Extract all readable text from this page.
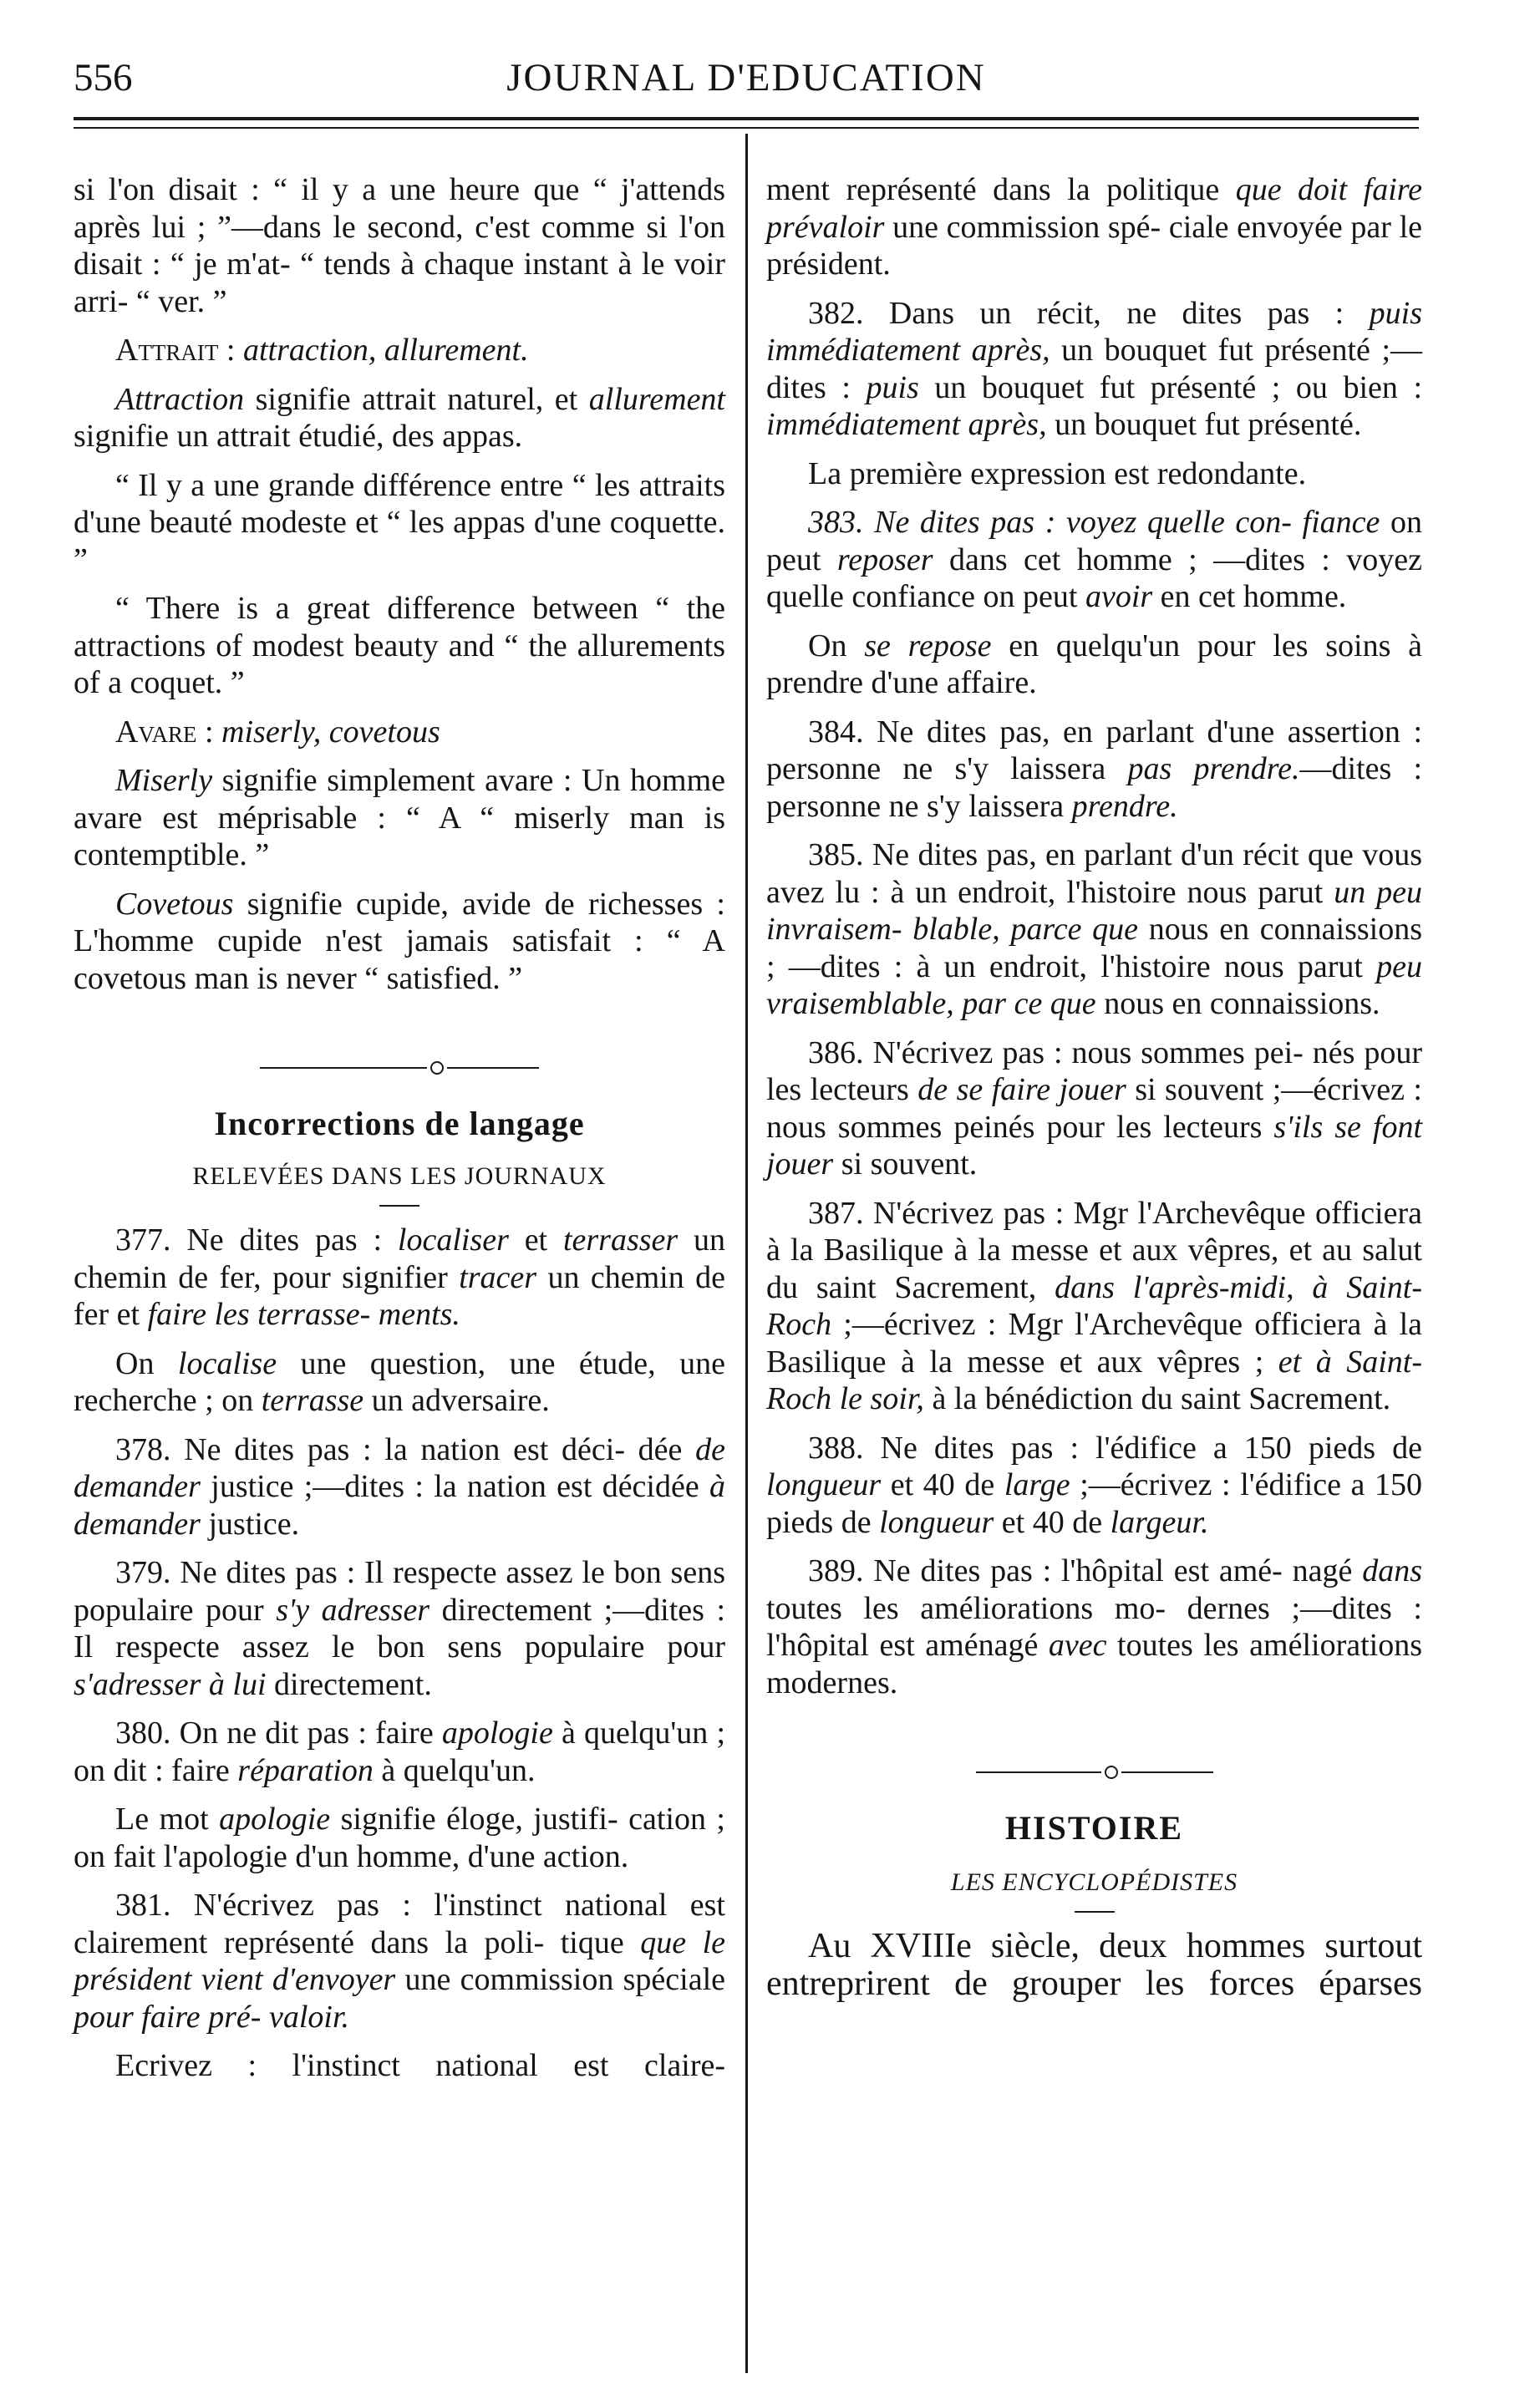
556	JOURNAL D'EDUCATION

si l'on disait : “ il y a une heure que “ j'attends après lui ; ”—dans le second, c'est comme si l'on disait : “ je m'at- “ tends à chaque instant à le voir arri- “ ver. ”

Attrait : attraction, allurement.

Attraction signifie attrait naturel, et allurement signifie un attrait étudié, des appas.

“ Il y a une grande différence entre “ les attraits d'une beauté modeste et “ les appas d'une coquette. ”

“ There is a great difference between “ the attractions of modest beauty and “ the allurements of a coquet. ”

Avare : miserly, covetous

Miserly signifie simplement avare : Un homme avare est méprisable : “ A “ miserly man is contemptible. ”

Covetous signifie cupide, avide de richesses : L'homme cupide n'est jamais satisfait : “ A covetous man is never “ satisfied. ”

Incorrections de langage
RELEVÉES DANS LES JOURNAUX

377. Ne dites pas : localiser et terrasser un chemin de fer, pour signifier tracer un chemin de fer et faire les terrasse- ments.

On localise une question, une étude, une recherche ; on terrasse un adversaire.

378. Ne dites pas : la nation est déci- dée de demander justice ;—dites : la nation est décidée à demander justice.

379. Ne dites pas : Il respecte assez le bon sens populaire pour s'y adresser directement ;—dites : Il respecte assez le bon sens populaire pour s'adresser à lui directement.

380. On ne dit pas : faire apologie à quelqu'un ; on dit : faire réparation à quelqu'un.

Le mot apologie signifie éloge, justifi- cation ; on fait l'apologie d'un homme, d'une action.

381. N'écrivez pas : l'instinct national est clairement représenté dans la poli- tique que le président vient d'envoyer une commission spéciale pour faire pré- valoir.

Ecrivez : l'instinct national est claire-

ment représenté dans la politique que doit faire prévaloir une commission spé- ciale envoyée par le président.

382. Dans un récit, ne dites pas : puis immédiatement après, un bouquet fut présenté ;—dites : puis un bouquet fut présenté ; ou bien : immédiatement après, un bouquet fut présenté.

La première expression est redondante.

383. Ne dites pas : voyez quelle con- fiance on peut reposer dans cet homme ; —dites : voyez quelle confiance on peut avoir en cet homme.

On se repose en quelqu'un pour les soins à prendre d'une affaire.

384. Ne dites pas, en parlant d'une assertion : personne ne s'y laissera pas prendre.—dites : personne ne s'y laissera prendre.

385. Ne dites pas, en parlant d'un récit que vous avez lu : à un endroit, l'histoire nous parut un peu invraisem- blable, parce que nous en connaissions ; —dites : à un endroit, l'histoire nous parut peu vraisemblable, par ce que nous en connaissions.

386. N'écrivez pas : nous sommes pei- nés pour les lecteurs de se faire jouer si souvent ;—écrivez : nous sommes peinés pour les lecteurs s'ils se font jouer si souvent.

387. N'écrivez pas : Mgr l'Archevêque officiera à la Basilique à la messe et aux vêpres, et au salut du saint Sacrement, dans l'après-midi, à Saint-Roch ;—écrivez : Mgr l'Archevêque officiera à la Basilique à la messe et aux vêpres ; et à Saint- Roch le soir, à la bénédiction du saint Sacrement.

388. Ne dites pas : l'édifice a 150 pieds de longueur et 40 de large ;—écrivez : l'édifice a 150 pieds de longueur et 40 de largeur.

389. Ne dites pas : l'hôpital est amé- nagé dans toutes les améliorations mo- dernes ;—dites : l'hôpital est aménagé avec toutes les améliorations modernes.

HISTOIRE
LES ENCYCLOPÉDISTES

Au XVIIIe siècle, deux hommes surtout entreprirent de grouper les forces éparses
